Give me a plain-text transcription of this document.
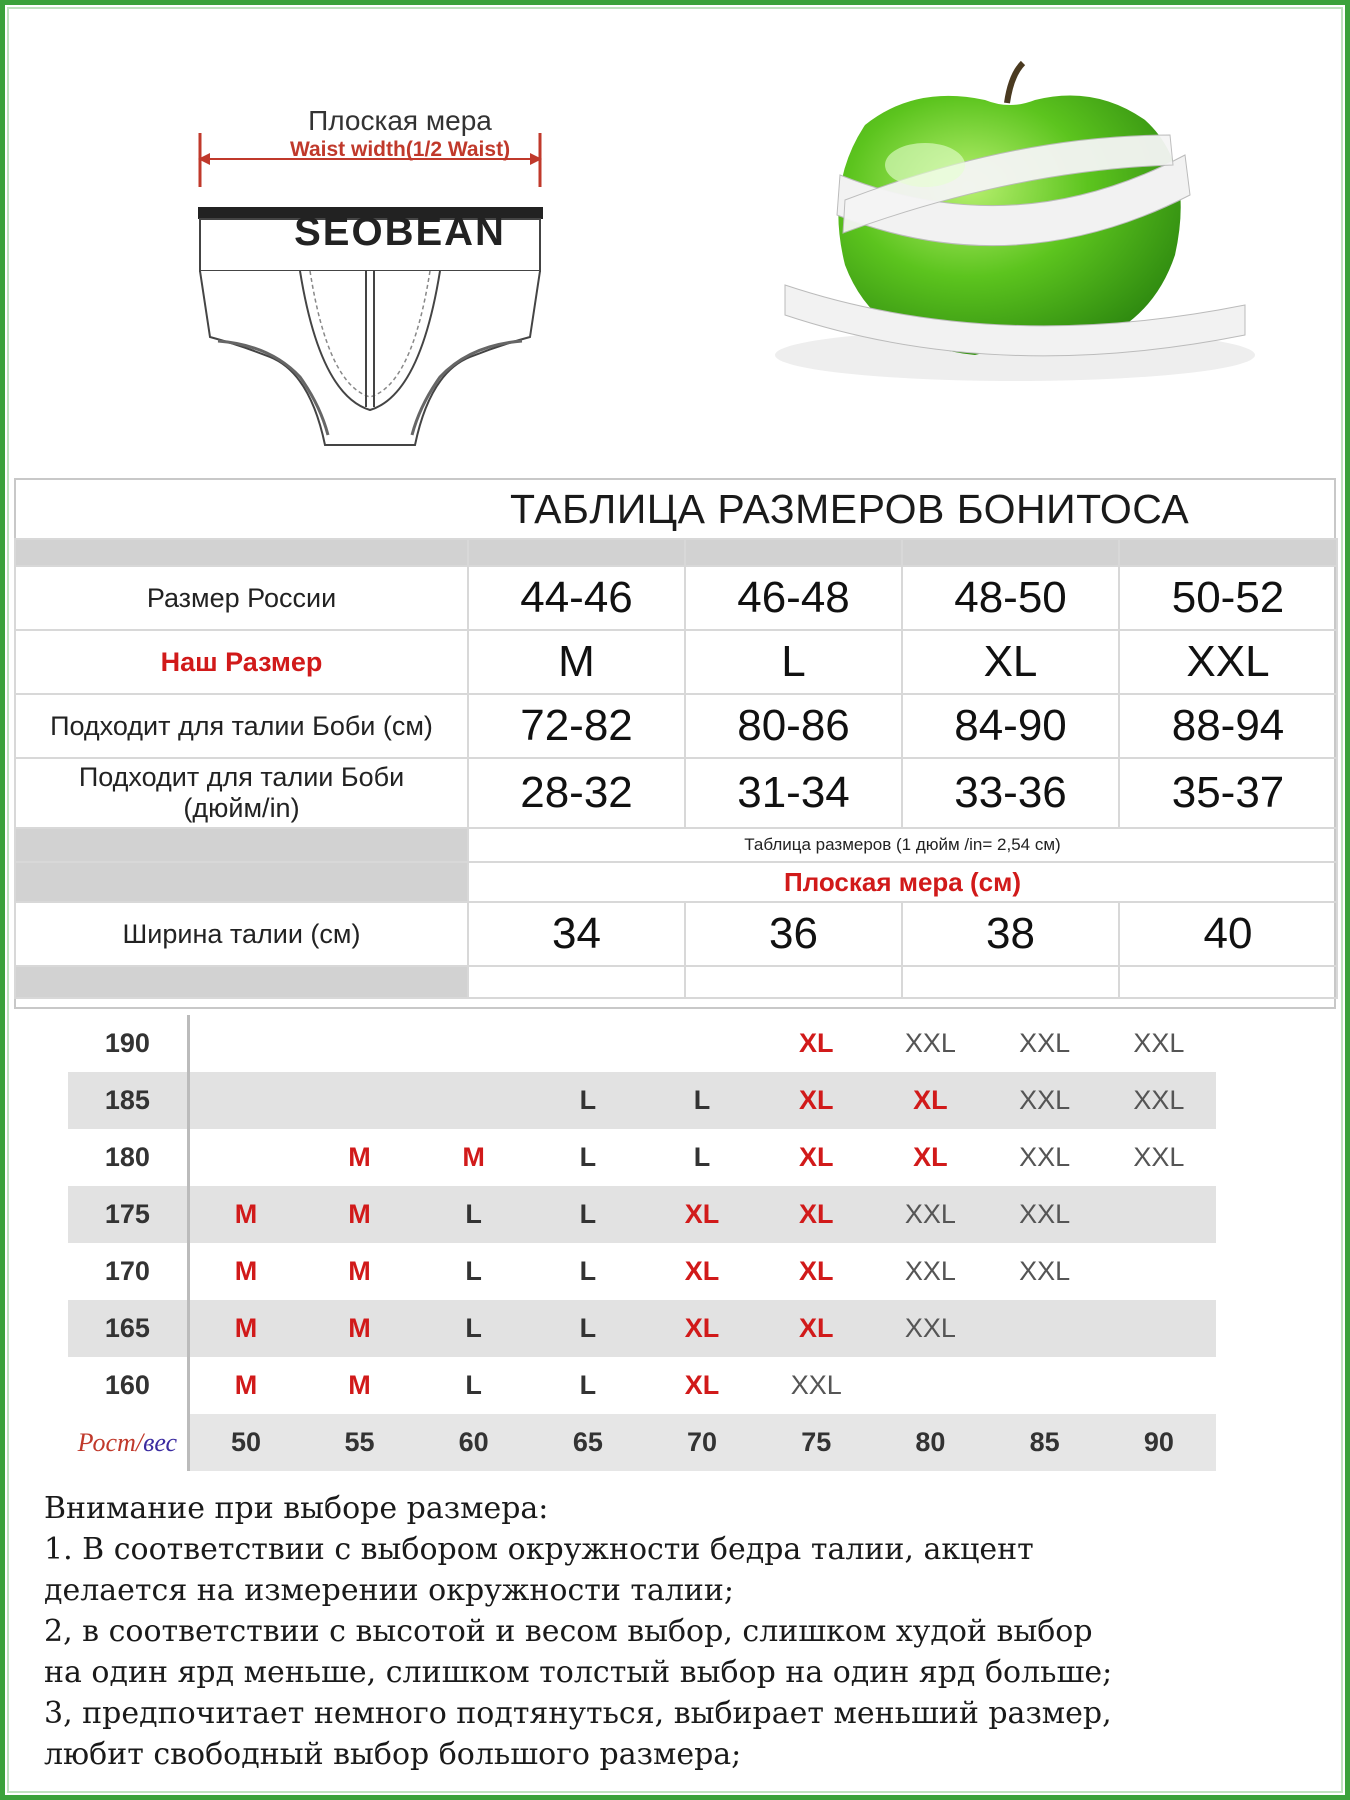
Плоская мера
Waist width(1/2 Waist)
SEOBEAN
ТАБЛИЦА РАЗМЕРОВ БОНИТОСА

Размер России	44-46	46-48	48-50	50-52
Наш Размер	M	L	XL	XXL
Подходит для талии Боби (см)	72-82	80-86	84-90	88-94

Подходит для талии Боби
(дюйм/in)	28-32	31-34	33-36	35-37
	Таблица размеров (1 дюйм /in= 2,54 см)			
	Плоская мера (см)			
Ширина талии (см)	34	36	38	40

190						XL	XXL	XXL	XXL
185				L	L	XL	XL	XXL	XXL
180		M	M	L	L	XL	XL	XXL	XXL
175	M	M	L	L	XL	XL	XXL	XXL	
170	M	M	L	L	XL	XL	XXL	XXL	
165	M	M	L	L	XL	XL	XXL		
160	M	M	L	L	XL	XXL			
Рост/вес	50	55	60	65	70	75	80	85	90

Внимание при выборе размера:

1. В соответствии с выбором окружности бедра талии, акцент

делается на измерении окружности талии;

2, в соответствии с высотой и весом выбор, слишком худой выбор

на один ярд меньше, слишком толстый выбор на один ярд больше;

3, предпочитает немного подтянуться, выбирает меньший размер,

любит свободный выбор большого размера;
